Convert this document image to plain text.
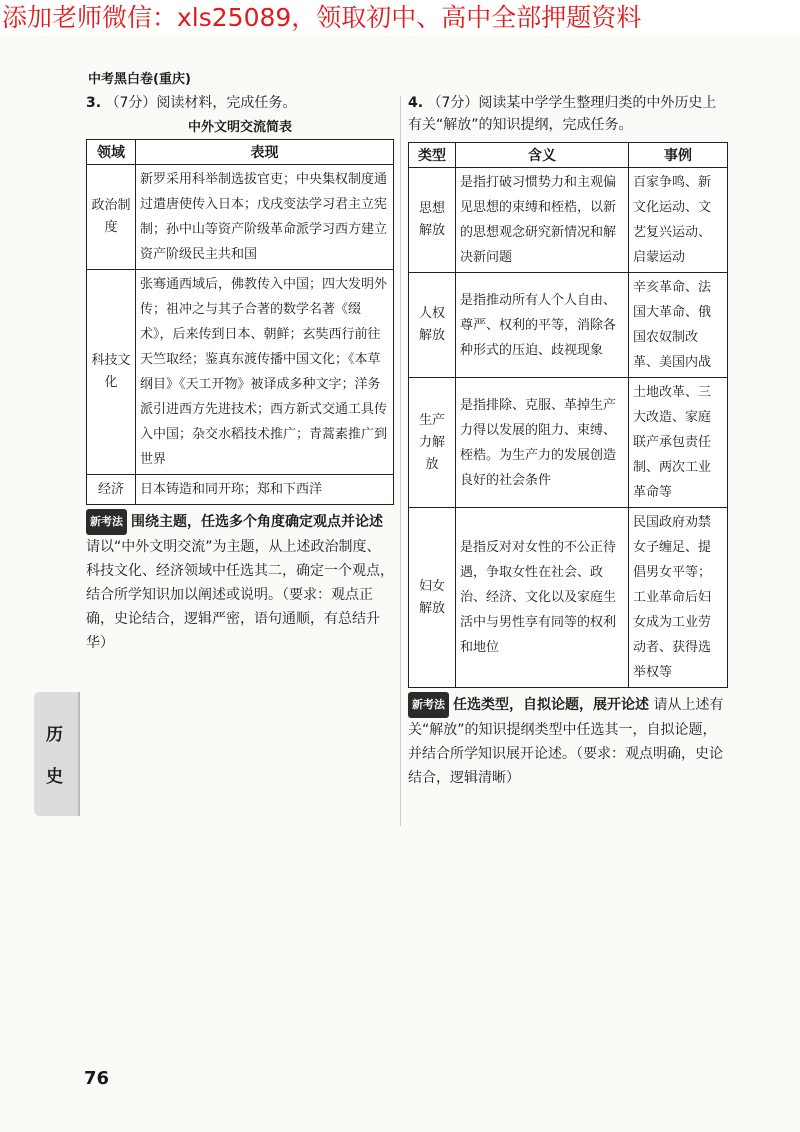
添加老师微信：xls25089，领取初中、高中全部押题资料
中考黑白卷(重庆)
3. （7分）阅读材料，完成任务。
中外文明交流简表
领域	表现
政治制度	新罗采用科举制选拔官吏；中央集权制度通过遣唐使传入日本；戊戌变法学习君主立宪制；孙中山等资产阶级革命派学习西方建立资产阶级民主共和国
科技文化	张骞通西域后，佛教传入中国；四大发明外传；祖冲之与其子合著的数学名著《缀术》，后来传到日本、朝鲜；玄奘西行前往天竺取经；鉴真东渡传播中国文化；《本草纲目》《天工开物》被译成多种文字；洋务派引进西方先进技术；西方新式交通工具传入中国；杂交水稻技术推广；青蒿素推广到世界
经济	日本铸造和同开珎；郑和下西洋
新考法 围绕主题，任选多个角度确定观点并论述 请以“中外文明交流”为主题，从上述政治制度、科技文化、经济领域中任选其二，确定一个观点，结合所学知识加以阐述或说明。（要求：观点正确，史论结合，逻辑严密，语句通顺，有总结升华）
4. （7分）阅读某中学学生整理归类的中外历史上有关“解放”的知识提纲，完成任务。
类型	含义	事例
思想解放	是指打破习惯势力和主观偏见思想的束缚和桎梏，以新的思想观念研究新情况和解决新问题	百家争鸣、新文化运动、文艺复兴运动、启蒙运动
人权解放	是指推动所有人个人自由、尊严、权利的平等，消除各种形式的压迫、歧视现象	辛亥革命、法国大革命、俄国农奴制改革、美国内战
生产力解放	是指排除、克服、革掉生产力得以发展的阻力、束缚、桎梏。为生产力的发展创造良好的社会条件	土地改革、三大改造、家庭联产承包责任制、两次工业革命等
妇女解放	是指反对对女性的不公正待遇，争取女性在社会、政治、经济、文化以及家庭生活中与男性享有同等的权利和地位	民国政府劝禁女子缠足、提倡男女平等；工业革命后妇女成为工业劳动者、获得选举权等
新考法 任选类型，自拟论题，展开论述 请从上述有关“解放”的知识提纲类型中任选其一，自拟论题，并结合所学知识展开论述。（要求：观点明确，史论结合，逻辑清晰）
历
史
76
